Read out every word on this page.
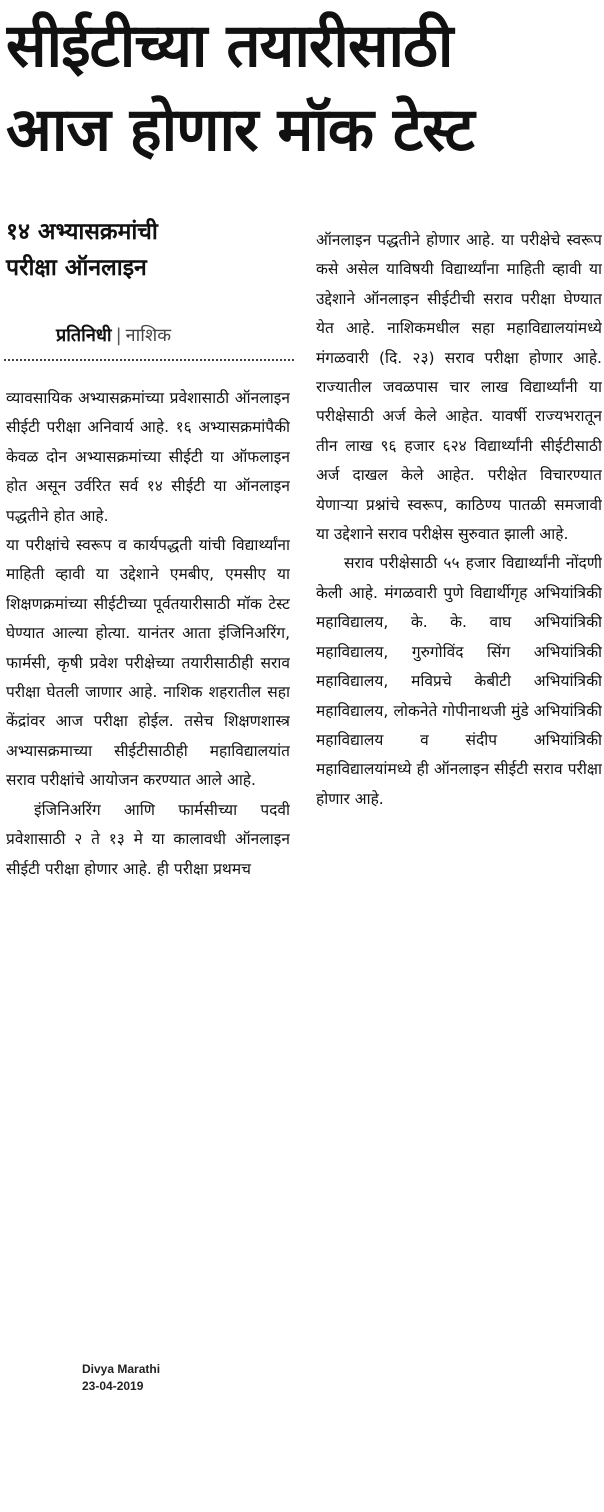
सीईटीच्या तयारीसाठी
आज होणार मॉक टेस्ट
१४ अभ्यासक्रमांची
परीक्षा ऑनलाइन
प्रतिनिधी | नाशिक

व्यावसायिक अभ्यासक्रमांच्या प्रवेशासाठी ऑनलाइन सीईटी परीक्षा अनिवार्य आहे. १६ अभ्यासक्रमांपैकी केवळ दोन अभ्यासक्रमांच्या सीईटी या ऑफलाइन होत असून उर्वरित सर्व १४ सीईटी या ऑनलाइन पद्धतीने होत आहे.

या परीक्षांचे स्वरूप व कार्यपद्धती यांची विद्यार्थ्यांना माहिती व्हावी या उद्देशाने एमबीए, एमसीए या शिक्षणक्रमांच्या सीईटीच्या पूर्वतयारीसाठी मॉक टेस्ट घेण्यात आल्या होत्या. यानंतर आता इंजिनिअरिंग, फार्मसी, कृषी प्रवेश परीक्षेच्या तयारीसाठीही सराव परीक्षा घेतली जाणार आहे. नाशिक शहरातील सहा केंद्रांवर आज परीक्षा होईल. तसेच शिक्षणशास्त्र अभ्यासक्रमाच्या सीईटीसाठीही महाविद्यालयांत सराव परीक्षांचे आयोजन करण्यात आले आहे.

इंजिनिअरिंग आणि फार्मसीच्या पदवी प्रवेशासाठी २ ते १३ मे या कालावधी ऑनलाइन सीईटी परीक्षा होणार आहे. ही परीक्षा प्रथमच

ऑनलाइन पद्धतीने होणार आहे. या परीक्षेचे स्वरूप कसे असेल याविषयी विद्यार्थ्यांना माहिती व्हावी या उद्देशाने ऑनलाइन सीईटीची सराव परीक्षा घेण्यात येत आहे. नाशिकमधील सहा महाविद्यालयांमध्ये मंगळवारी (दि. २३) सराव परीक्षा होणार आहे. राज्यातील जवळपास चार लाख विद्यार्थ्यांनी या परीक्षेसाठी अर्ज केले आहेत. यावर्षी राज्यभरातून तीन लाख ९६ हजार ६२४ विद्यार्थ्यांनी सीईटीसाठी अर्ज दाखल केले आहेत. परीक्षेत विचारण्यात येणाऱ्या प्रश्नांचे स्वरूप, काठिण्य पातळी समजावी या उद्देशाने सराव परीक्षेस सुरुवात झाली आहे.

सराव परीक्षेसाठी ५५ हजार विद्यार्थ्यांनी नोंदणी केली आहे. मंगळवारी पुणे विद्यार्थीगृह अभियांत्रिकी महाविद्यालय, के. के. वाघ अभियांत्रिकी महाविद्यालय, गुरुगोविंद सिंग अभियांत्रिकी महाविद्यालय, मविप्रचे केबीटी अभियांत्रिकी महाविद्यालय, लोकनेते गोपीनाथजी मुंडे अभियांत्रिकी महाविद्यालय व संदीप अभियांत्रिकी महाविद्यालयांमध्ये ही ऑनलाइन सीईटी सराव परीक्षा होणार आहे.

Divya Marathi
23-04-2019
